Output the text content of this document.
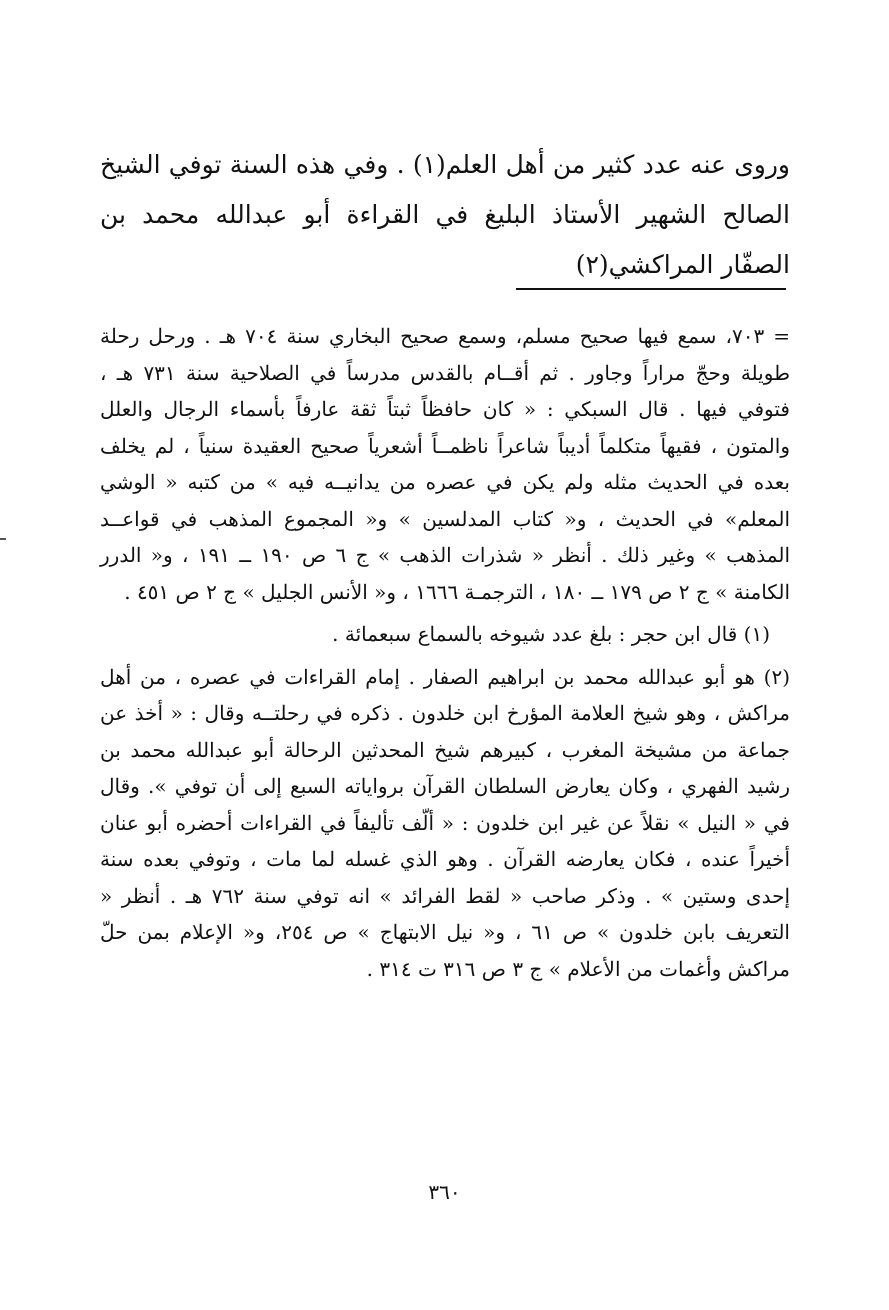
وروى عنه عدد كثير من أهل العلم(١) . وفي هذه السنة توفي الشيخ الصالح الشهير الأستاذ البليغ في القراءة أبو عبدالله محمد بن الصفّار المراكشي(٢)

= ٧٠٣، سمع فيها صحيح مسلم، وسمع صحيح البخاري سنة ٧٠٤ هـ . ورحل رحلة طويلة وحجّ مراراً وجاور . ثم أقــام بالقدس مدرساً في الصلاحية سنة ٧٣١ هـ ، فتوفي فيها . قال السبكي : « كان حافظاً ثبتاً ثقة عارفاً بأسماء الرجال والعلل والمتون ، فقيهاً متكلماً أديباً شاعراً ناظمــاً أشعرياً صحيح العقيدة سنياً ، لم يخلف بعده في الحديث مثله ولم يكن في عصره من يدانيــه فيه » من كتبه « الوشي المعلم» في الحديث ، و« كتاب المدلسين » و« المجموع المذهب في قواعــد المذهب » وغير ذلك . أنظر « شذرات الذهب » ج ٦ ص ١٩٠ ــ ١٩١ ، و« الدرر الكامنة » ج ٢ ص ١٧٩ ــ ١٨٠ ، الترجمـة ١٦٦٦ ، و« الأنس الجليل » ج ٢ ص ٤٥١ .

(١) قال ابن حجر : بلغ عدد شيوخه بالسماع سبعمائة .

(٢) هو أبو عبدالله محمد بن ابراهيم الصفار . إمام القراءات في عصره ، من أهل مراكش ، وهو شيخ العلامة المؤرخ ابن خلدون . ذكره في رحلتــه وقال : « أخذ عن جماعة من مشيخة المغرب ، كبيرهم شيخ المحدثين الرحالة أبو عبدالله محمد بن رشيد الفهري ، وكان يعارض السلطان القرآن برواياته السبع إلى أن توفي ». وقال في « النيل » نقلاً عن غير ابن خلدون : « ألّف تأليفاً في القراءات أحضره أبو عنان أخيراً عنده ، فكان يعارضه القرآن . وهو الذي غسله لما مات ، وتوفي بعده سنة إحدى وستين » . وذكر صاحب « لقط الفرائد » انه توفي سنة ٧٦٢ هـ . أنظر « التعريف بابن خلدون » ص ٦١ ، و« نيل الابتهاج » ص ٢٥٤، و« الإعلام بمن حلّ مراكش وأغمات من الأعلام » ج ٣ ص ٣١٦ ت ٣١٤ .

٣٦٠
